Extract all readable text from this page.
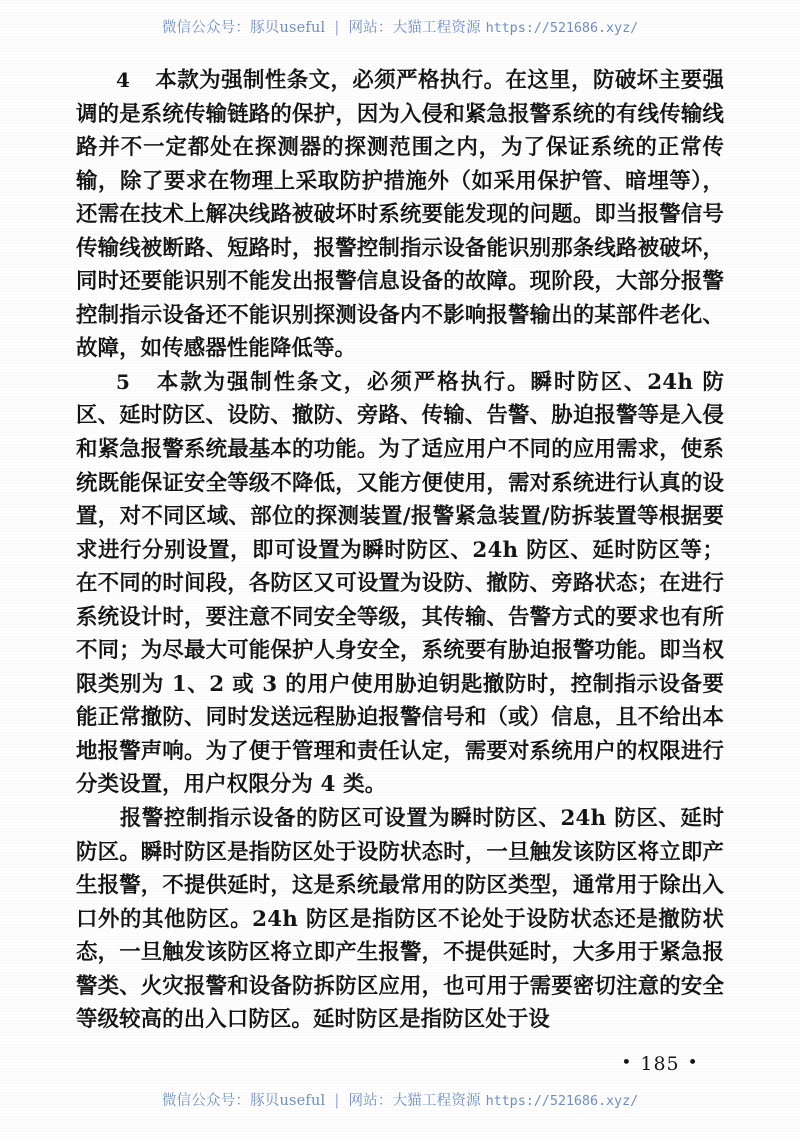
微信公众号：豚贝useful | 网站：大猫工程资源 https://521686.xyz/

4 本款为强制性条文，必须严格执行。在这里，防破坏主要强调的是系统传输链路的保护，因为入侵和紧急报警系统的有线传输线路并不一定都处在探测器的探测范围之内，为了保证系统的正常传输，除了要求在物理上采取防护措施外（如采用保护管、暗埋等），还需在技术上解决线路被破坏时系统要能发现的问题。即当报警信号传输线被断路、短路时，报警控制指示设备能识别那条线路被破坏，同时还要能识别不能发出报警信息设备的故障。现阶段，大部分报警控制指示设备还不能识别探测设备内不影响报警输出的某部件老化、故障，如传感器性能降低等。

5 本款为强制性条文，必须严格执行。瞬时防区、24h 防区、延时防区、设防、撤防、旁路、传输、告警、胁迫报警等是入侵和紧急报警系统最基本的功能。为了适应用户不同的应用需求，使系统既能保证安全等级不降低，又能方便使用，需对系统进行认真的设置，对不同区域、部位的探测装置/报警紧急装置/防拆装置等根据要求进行分别设置，即可设置为瞬时防区、24h 防区、延时防区等；在不同的时间段，各防区又可设置为设防、撤防、旁路状态；在进行系统设计时，要注意不同安全等级，其传输、告警方式的要求也有所不同；为尽最大可能保护人身安全，系统要有胁迫报警功能。即当权限类别为 1、2 或 3 的用户使用胁迫钥匙撤防时，控制指示设备要能正常撤防、同时发送远程胁迫报警信号和（或）信息，且不给出本地报警声响。为了便于管理和责任认定，需要对系统用户的权限进行分类设置，用户权限分为 4 类。

报警控制指示设备的防区可设置为瞬时防区、24h 防区、延时防区。瞬时防区是指防区处于设防状态时，一旦触发该防区将立即产生报警，不提供延时，这是系统最常用的防区类型，通常用于除出入口外的其他防区。24h 防区是指防区不论处于设防状态还是撤防状态，一旦触发该防区将立即产生报警，不提供延时，大多用于紧急报警类、火灾报警和设备防拆防区应用，也可用于需要密切注意的安全等级较高的出入口防区。延时防区是指防区处于设

• 185 •
微信公众号：豚贝useful | 网站：大猫工程资源 https://521686.xyz/
